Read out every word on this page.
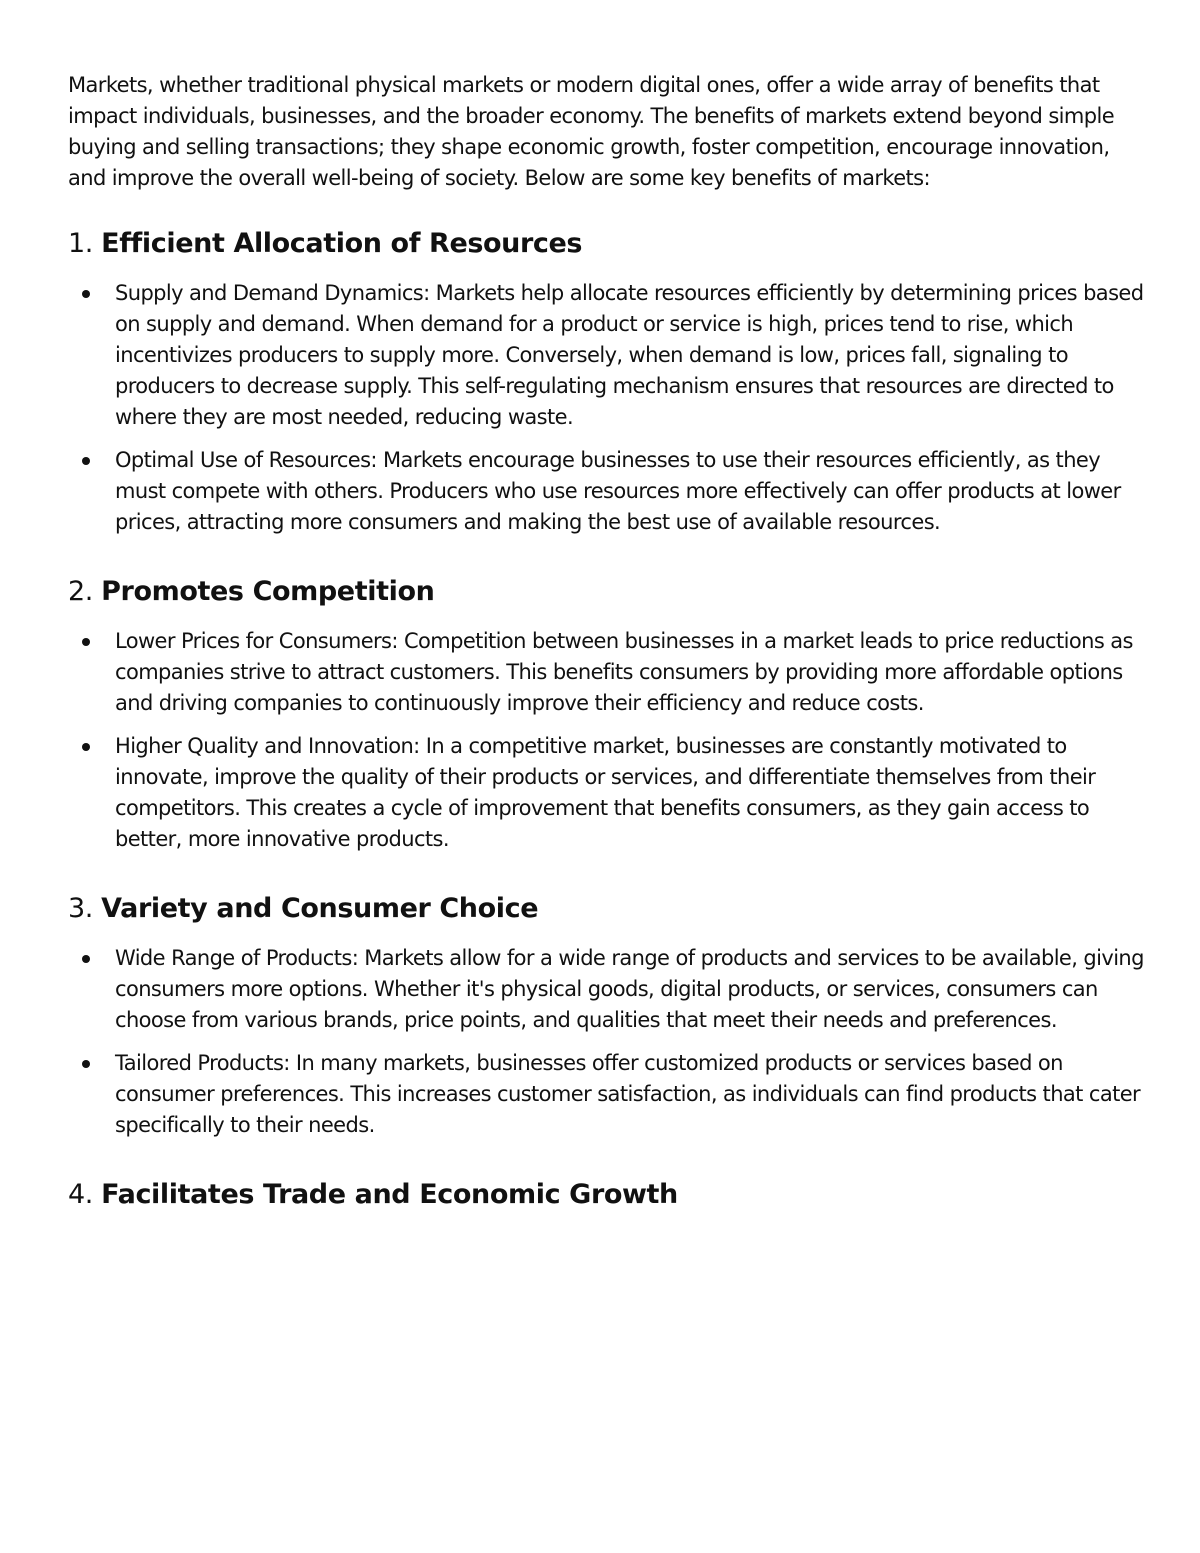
Markets, whether traditional physical markets or modern digital ones, offer a wide array of benefits that impact individuals, businesses, and the broader economy. The benefits of markets extend beyond simple buying and selling transactions; they shape economic growth, foster competition, encourage innovation, and improve the overall well-being of society. Below are some key benefits of markets:

1. Efficient Allocation of Resources
Supply and Demand Dynamics: Markets help allocate resources efficiently by determining prices based on supply and demand. When demand for a product or service is high, prices tend to rise, which incentivizes producers to supply more. Conversely, when demand is low, prices fall, signaling to producers to decrease supply. This self-regulating mechanism ensures that resources are directed to where they are most needed, reducing waste.
Optimal Use of Resources: Markets encourage businesses to use their resources efficiently, as they must compete with others. Producers who use resources more effectively can offer products at lower prices, attracting more consumers and making the best use of available resources.
2. Promotes Competition
Lower Prices for Consumers: Competition between businesses in a market leads to price reductions as companies strive to attract customers. This benefits consumers by providing more affordable options and driving companies to continuously improve their efficiency and reduce costs.
Higher Quality and Innovation: In a competitive market, businesses are constantly motivated to innovate, improve the quality of their products or services, and differentiate themselves from their competitors. This creates a cycle of improvement that benefits consumers, as they gain access to better, more innovative products.
3. Variety and Consumer Choice
Wide Range of Products: Markets allow for a wide range of products and services to be available, giving consumers more options. Whether it's physical goods, digital products, or services, consumers can choose from various brands, price points, and qualities that meet their needs and preferences.
Tailored Products: In many markets, businesses offer customized products or services based on consumer preferences. This increases customer satisfaction, as individuals can find products that cater specifically to their needs.
4. Facilitates Trade and Economic Growth
